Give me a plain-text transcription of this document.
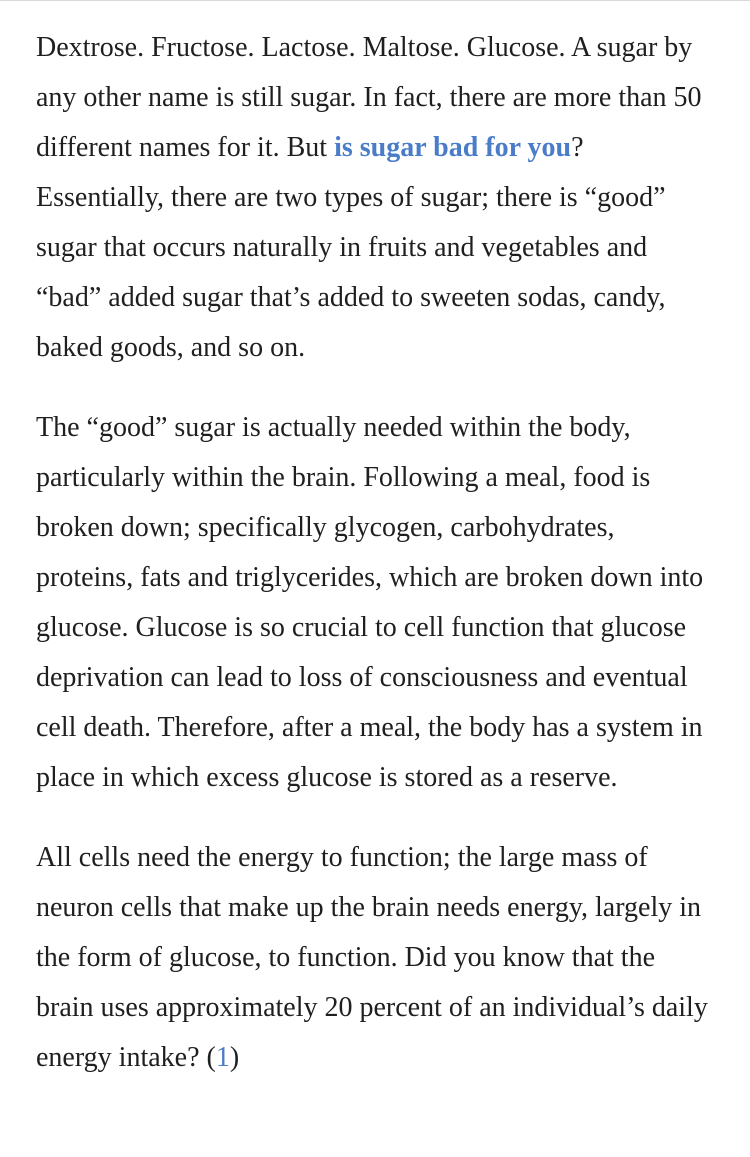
Dextrose. Fructose. Lactose. Maltose. Glucose. A sugar by any other name is still sugar. In fact, there are more than 50 different names for it. But is sugar bad for you? Essentially, there are two types of sugar; there is “good” sugar that occurs naturally in fruits and vegetables and “bad” added sugar that’s added to sweeten sodas, candy, baked goods, and so on.

The “good” sugar is actually needed within the body, particularly within the brain. Following a meal, food is broken down; specifically glycogen, carbohydrates, proteins, fats and triglycerides, which are broken down into glucose. Glucose is so crucial to cell function that glucose deprivation can lead to loss of consciousness and eventual cell death. Therefore, after a meal, the body has a system in place in which excess glucose is stored as a reserve.

All cells need the energy to function; the large mass of neuron cells that make up the brain needs energy, largely in the form of glucose, to function. Did you know that the brain uses approximately 20 percent of an individual’s daily energy intake? (1)
